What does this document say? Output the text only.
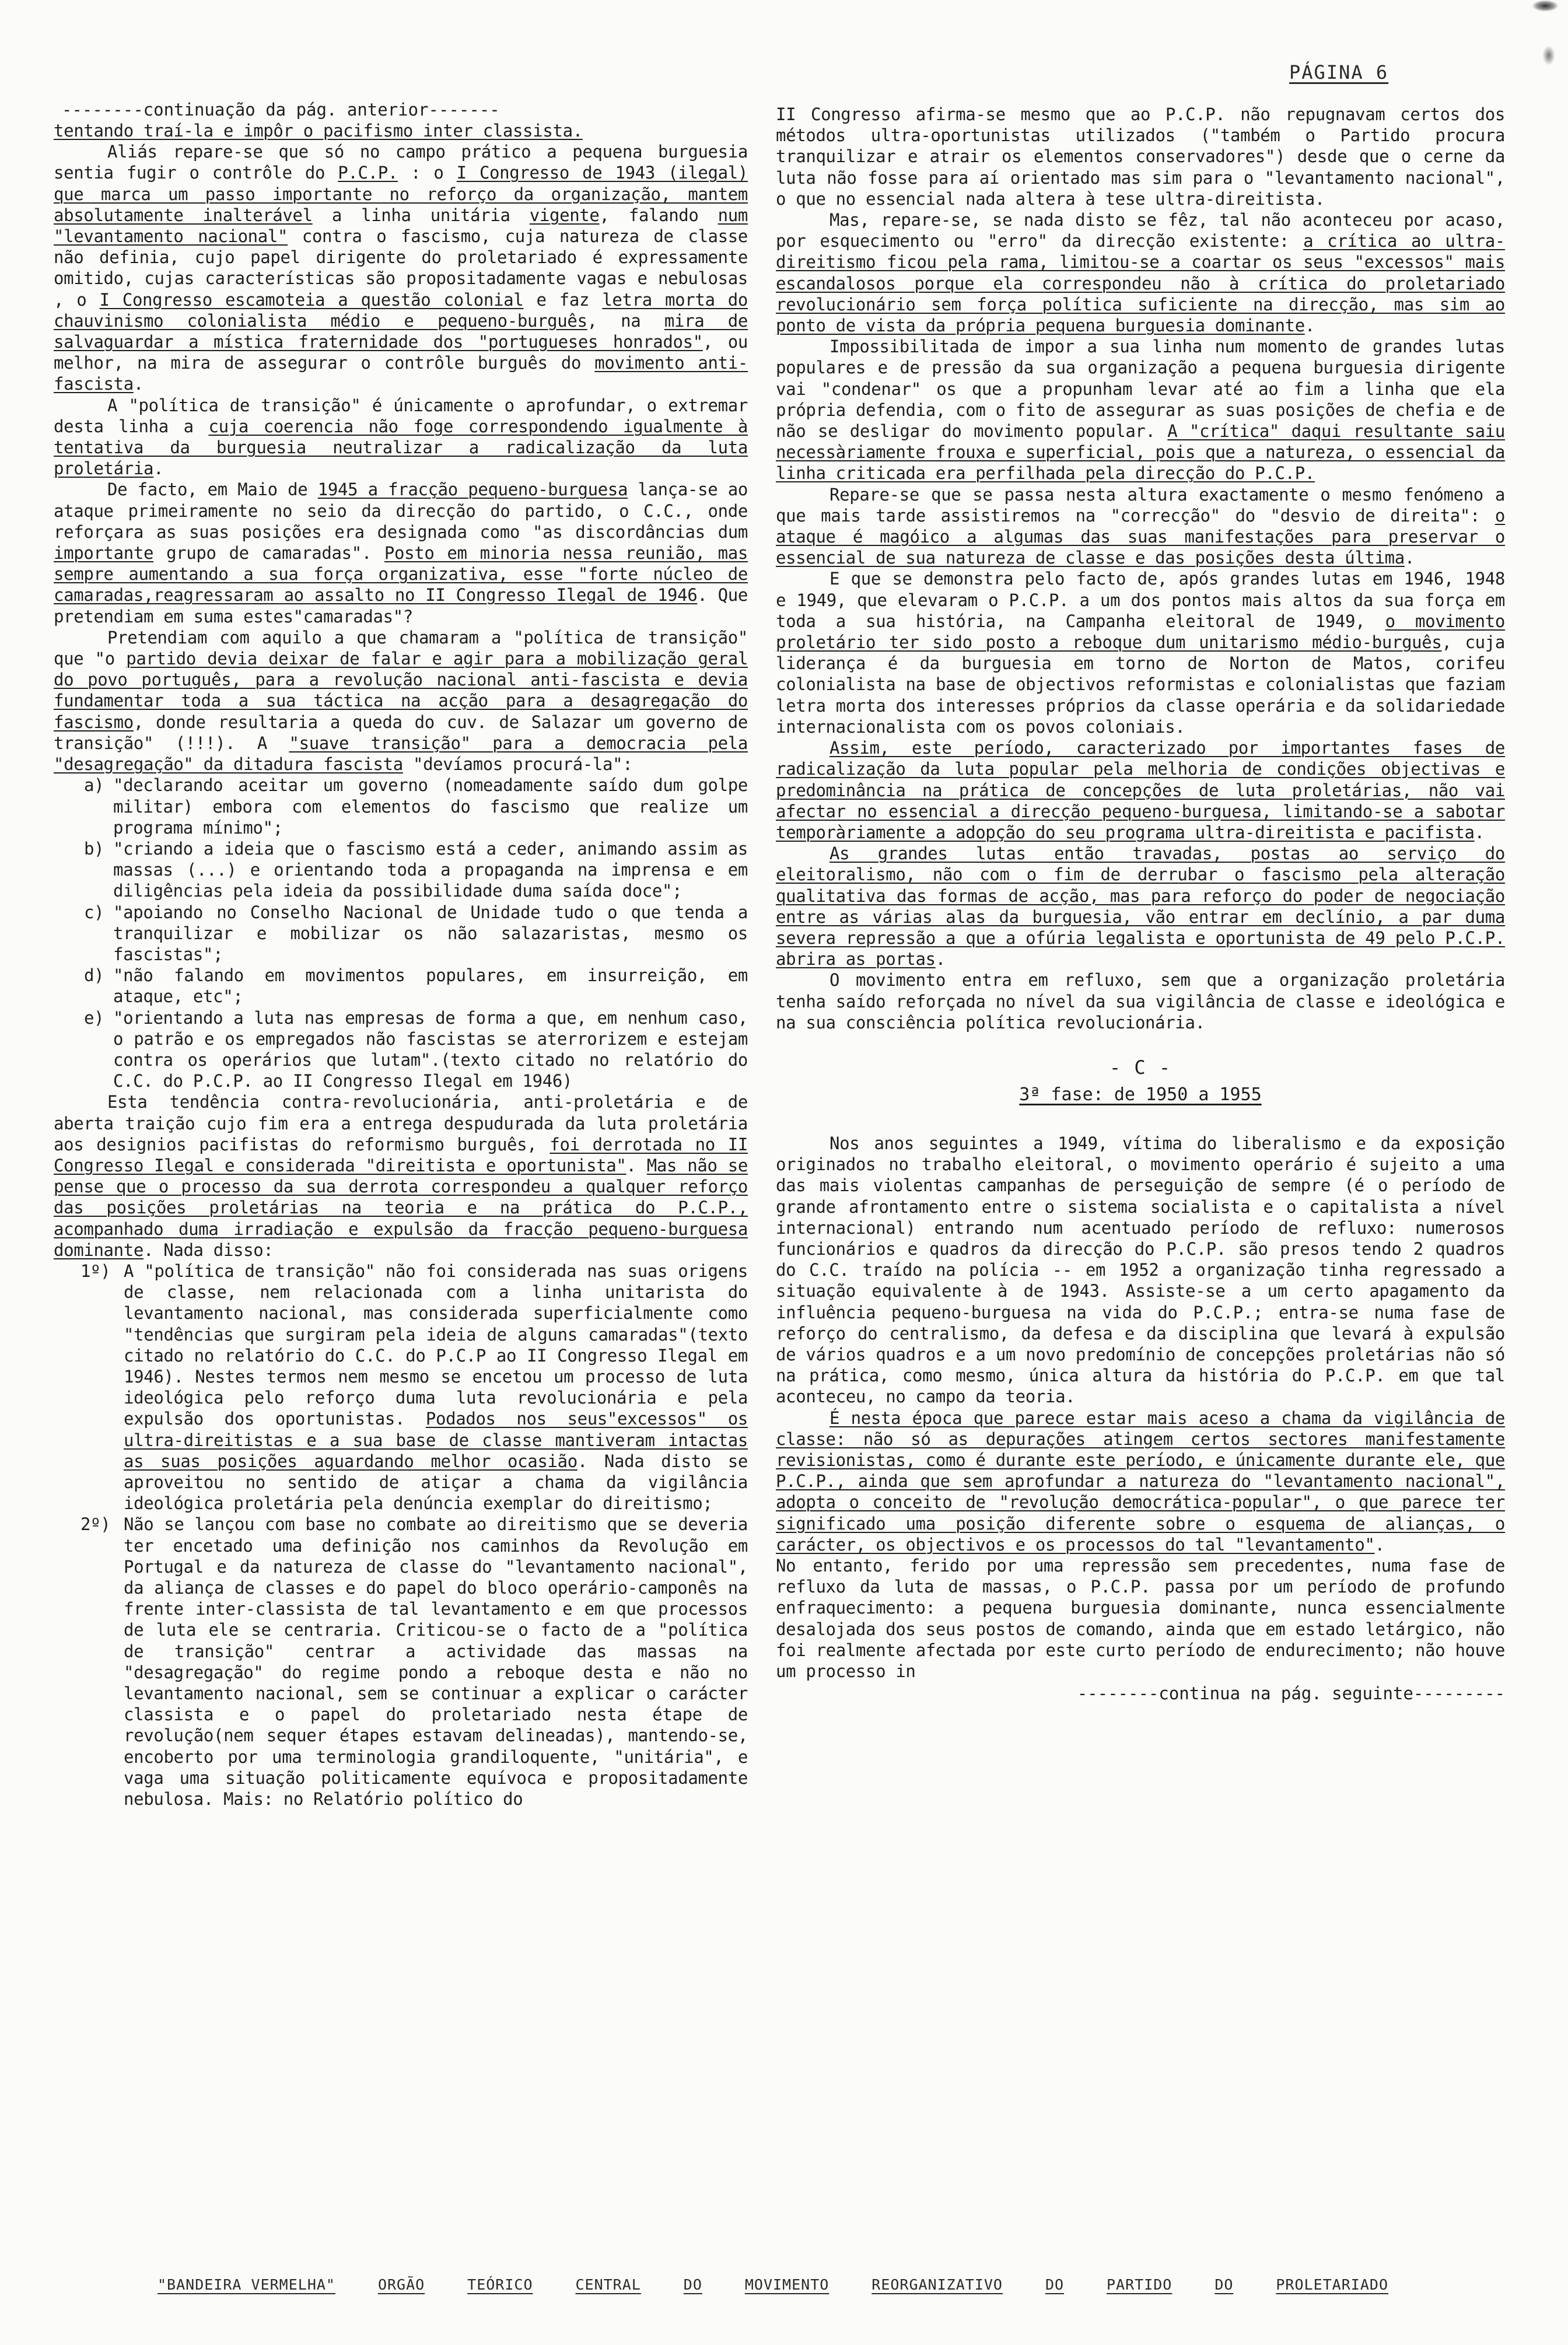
PÁGINA 6

--------continuação da pág. anterior-------

tentando traí-la e impôr o pacifismo inter classista.

Aliás repare-se que só no campo prático a pequena burguesia sentia fugir o contrôle do P.C.P. : o I Congresso de 1943 (ilegal) que marca um passo importante no reforço da organização, mantem absolutamente inalterável a linha unitária vigente, falando num "levantamento nacional" contra o fascismo, cuja natureza de classe não definia, cujo papel dirigente do proletariado é expressamente omitido, cujas características são propositadamente vagas e nebulosas , o I Congresso escamoteia a questão colonial e faz letra morta do chauvinismo colonialista médio e pequeno-burguês, na mira de salvaguardar a mística fraternidade dos "portugueses honrados", ou melhor, na mira de assegurar o contrôle burguês do movimento anti-fascista.

A "política de transição" é únicamente o aprofundar, o extremar desta linha a cuja coerencia não foge correspondendo igualmente à tentativa da burguesia neutralizar a radicalização da luta proletária.

De facto, em Maio de 1945 a fracção pequeno-burguesa lança-se ao ataque primeiramente no seio da direcção do partido, o C.C., onde reforçara as suas posições era designada como "as discordâncias dum importante grupo de camaradas". Posto em minoria nessa reunião, mas sempre aumentando a sua força organizativa, esse "forte núcleo de camaradas,reagressaram ao assalto no II Congresso Ilegal de 1946. Que pretendiam em suma estes"camaradas"?

Pretendiam com aquilo a que chamaram a "política de transição" que "o partido devia deixar de falar e agir para a mobilização geral do povo português, para a revolução nacional anti-fascista e devia fundamentar toda a sua táctica na acção para a desagregação do fascismo, donde resultaria a queda do cuv. de Salazar um governo de transição" (!!!). A "suave transição" para a democracia pela "desagregação" da ditadura fascista "devíamos procurá-la":

a) "declarando aceitar um governo (nomeadamente saído dum golpe militar) embora com elementos do fascismo que realize um programa mínimo";
b) "criando a ideia que o fascismo está a ceder, animando assim as massas (...) e orientando toda a propaganda na imprensa e em diligências pela ideia da possibilidade duma saída doce";
c) "apoiando no Conselho Nacional de Unidade tudo o que tenda a tranquilizar e mobilizar os não salazaristas, mesmo os fascistas";
d) "não falando em movimentos populares, em insurreição, em ataque, etc";
e) "orientando a luta nas empresas de forma a que, em nenhum caso, o patrão e os empregados não fascistas se aterrorizem e estejam contra os operários que lutam".(texto citado no relatório do C.C. do P.C.P. ao II Congresso Ilegal em 1946)

Esta tendência contra-revolucionária, anti-proletária e de aberta traição cujo fim era a entrega despudurada da luta proletária aos designios pacifistas do reformismo burguês, foi derrotada no II Congresso Ilegal e considerada "direitista e oportunista". Mas não se pense que o processo da sua derrota correspondeu a qualquer reforço das posições proletárias na teoria e na prática do P.C.P., acompanhado duma irradiação e expulsão da fracção pequeno-burguesa dominante. Nada disso:

1º) A "política de transição" não foi considerada nas suas origens de classe, nem relacionada com a linha unitarista do levantamento nacional, mas considerada superficialmente como "tendências que surgiram pela ideia de alguns camaradas"(texto citado no relatório do C.C. do P.C.P ao II Congresso Ilegal em 1946). Nestes termos nem mesmo se encetou um processo de luta ideológica pelo reforço duma luta revolucionária e pela expulsão dos oportunistas. Podados nos seus"excessos" os ultra-direitistas e a sua base de classe mantiveram intactas as suas posições aguardando melhor ocasião. Nada disto se aproveitou no sentido de atiçar a chama da vigilância ideológica proletária pela denúncia exemplar do direitismo;
2º) Não se lançou com base no combate ao direitismo que se deveria ter encetado uma definição nos caminhos da Revolução em Portugal e da natureza de classe do "levantamento nacional", da aliança de classes e do papel do bloco operário-camponês na frente inter-classista de tal levantamento e em que processos de luta ele se centraria. Criticou-se o facto de a "política de transição" centrar a actividade das massas na "desagregação" do regime pondo a reboque desta e não no levantamento nacional, sem se continuar a explicar o carácter classista e o papel do proletariado nesta étape de revolução(nem sequer étapes estavam delineadas), mantendo-se, encoberto por uma terminologia grandiloquente, "unitária", e vaga uma situação politicamente equívoca e propositadamente nebulosa. Mais: no Relatório político do

II Congresso afirma-se mesmo que ao P.C.P. não repugnavam certos dos métodos ultra-oportunistas utilizados ("também o Partido procura tranquilizar e atrair os elementos conservadores") desde que o cerne da luta não fosse para aí orientado mas sim para o "levantamento nacional", o que no essencial nada altera à tese ultra-direitista.

Mas, repare-se, se nada disto se fêz, tal não aconteceu por acaso, por esquecimento ou "erro" da direcção existente: a crítica ao ultra-direitismo ficou pela rama, limitou-se a coartar os seus "excessos" mais escandalosos porque ela correspondeu não à crítica do proletariado revolucionário sem força política suficiente na direcção, mas sim ao ponto de vista da própria pequena burguesia dominante.

Impossibilitada de impor a sua linha num momento de grandes lutas populares e de pressão da sua organização a pequena burguesia dirigente vai "condenar" os que a propunham levar até ao fim a linha que ela própria defendia, com o fito de assegurar as suas posições de chefia e de não se desligar do movimento popular. A "crítica" daqui resultante saiu necessàriamente frouxa e superficial, pois que a natureza, o essencial da linha criticada era perfilhada pela direcção do P.C.P.

Repare-se que se passa nesta altura exactamente o mesmo fenómeno a que mais tarde assistiremos na "correcção" do "desvio de direita": o ataque é magóico a algumas das suas manifestações para preservar o essencial de sua natureza de classe e das posições desta última.

E que se demonstra pelo facto de, após grandes lutas em 1946, 1948 e 1949, que elevaram o P.C.P. a um dos pontos mais altos da sua força em toda a sua história, na Campanha eleitoral de 1949, o movimento proletário ter sido posto a reboque dum unitarismo médio-burguês, cuja liderança é da burguesia em torno de Norton de Matos, corifeu colonialista na base de objectivos reformistas e colonialistas que faziam letra morta dos interesses próprios da classe operária e da solidariedade internacionalista com os povos coloniais.

Assim, este período, caracterizado por importantes fases de radicalização da luta popular pela melhoria de condições objectivas e predominância na prática de concepções de luta proletárias, não vai afectar no essencial a direcção pequeno-burguesa, limitando-se a sabotar temporàriamente a adopção do seu programa ultra-direitista e pacifista.

As grandes lutas então travadas, postas ao serviço do eleitoralismo, não com o fim de derrubar o fascismo pela alteração qualitativa das formas de acção, mas para reforço do poder de negociação entre as várias alas da burguesia, vão entrar em declínio, a par duma severa repressão a que a ofúria legalista e oportunista de 49 pelo P.C.P. abrira as portas.

O movimento entra em refluxo, sem que a organização proletária tenha saído reforçada no nível da sua vigilância de classe e ideológica e na sua consciência política revolucionária.

- C -
3ª fase: de 1950 a 1955

Nos anos seguintes a 1949, vítima do liberalismo e da exposição originados no trabalho eleitoral, o movimento operário é sujeito a uma das mais violentas campanhas de perseguição de sempre (é o período de grande afrontamento entre o sistema socialista e o capitalista a nível internacional) entrando num acentuado período de refluxo: numerosos funcionários e quadros da direcção do P.C.P. são presos tendo 2 quadros do C.C. traído na polícia -- em 1952 a organização tinha regressado a situação equivalente à de 1943. Assiste-se a um certo apagamento da influência pequeno-burguesa na vida do P.C.P.; entra-se numa fase de reforço do centralismo, da defesa e da disciplina que levará à expulsão de vários quadros e a um novo predomínio de concepções proletárias não só na prática, como mesmo, única altura da história do P.C.P. em que tal aconteceu, no campo da teoria.

É nesta época que parece estar mais aceso a chama da vigilância de classe: não só as depurações atingem certos sectores manifestamente revisionistas, como é durante este período, e únicamente durante ele, que P.C.P., ainda que sem aprofundar a natureza do "levantamento nacional", adopta o conceito de "revolução democrática-popular", o que parece ter significado uma posição diferente sobre o esquema de alianças, o carácter, os objectivos e os processos do tal "levantamento".

No entanto, ferido por uma repressão sem precedentes, numa fase de refluxo da luta de massas, o P.C.P. passa por um período de profundo enfraquecimento: a pequena burguesia dominante, nunca essencialmente desalojada dos seus postos de comando, ainda que em estado letárgico, não foi realmente afectada por este curto período de endurecimento; não houve um processo in

--------continua na pág. seguinte---------

"BANDEIRA VERMELHA"	ORGÃO	TEÓRICO	CENTRAL	DO	MOVIMENTO	REORGANIZATIVO	DO	PARTIDO	DO	PROLETARIADO
